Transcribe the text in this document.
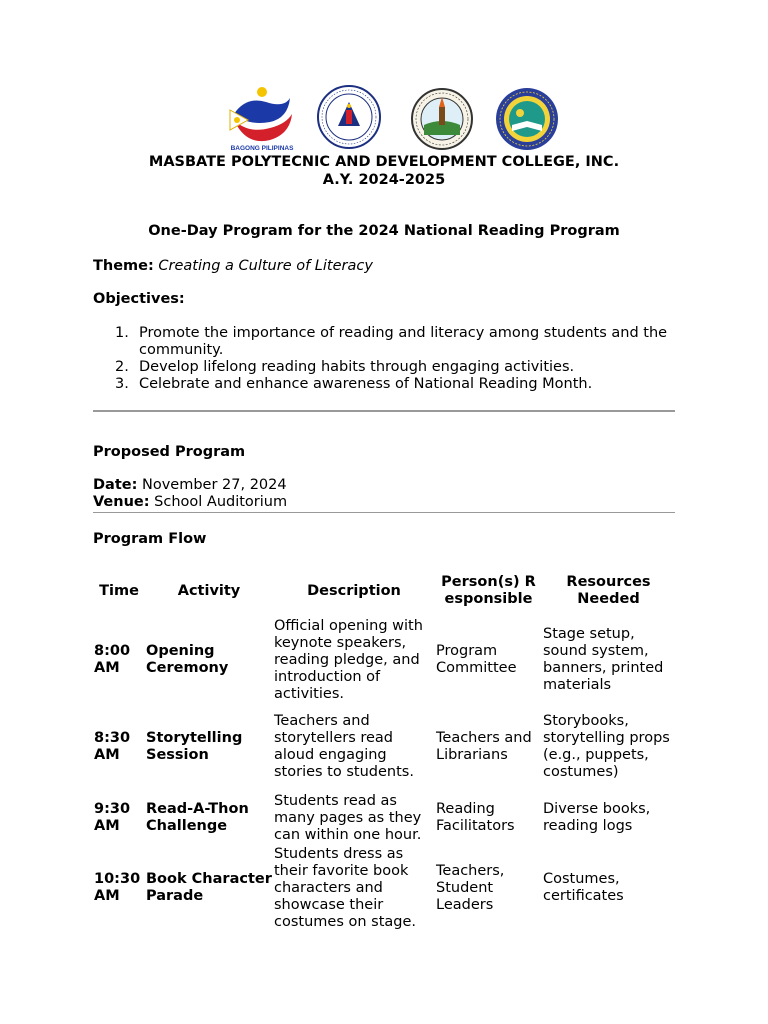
BAGONG PILIPINAS
MASBATE POLYTECNIC AND DEVELOPMENT COLLEGE, INC.
A.Y. 2024-2025
One-Day Program for the 2024 National Reading Program
Theme: Creating a Culture of Literacy
Objectives:
1. Promote the importance of reading and literacy among students and the community.
2. Develop lifelong reading habits through engaging activities.
3. Celebrate and enhance awareness of National Reading Month.
Proposed Program
Date: November 27, 2024
Venue: School Auditorium
Program Flow
Time	Activity	Description	Person(s) Responsible	Resources Needed
8:00 AM	Opening Ceremony	Official opening with keynote speakers, reading pledge, and introduction of activities.	Program Committee	Stage setup, sound system, banners, printed materials
8:30 AM	Storytelling Session	Teachers and storytellers read aloud engaging stories to students.	Teachers and Librarians	Storybooks, storytelling props (e.g., puppets, costumes)
9:30 AM	Read-A-Thon Challenge	Students read as many pages as they can within one hour.	Reading Facilitators	Diverse books, reading logs
10:30 AM	Book Character Parade	Students dress as their favorite book characters and showcase their costumes on stage.	Teachers, Student Leaders	Costumes, certificates
